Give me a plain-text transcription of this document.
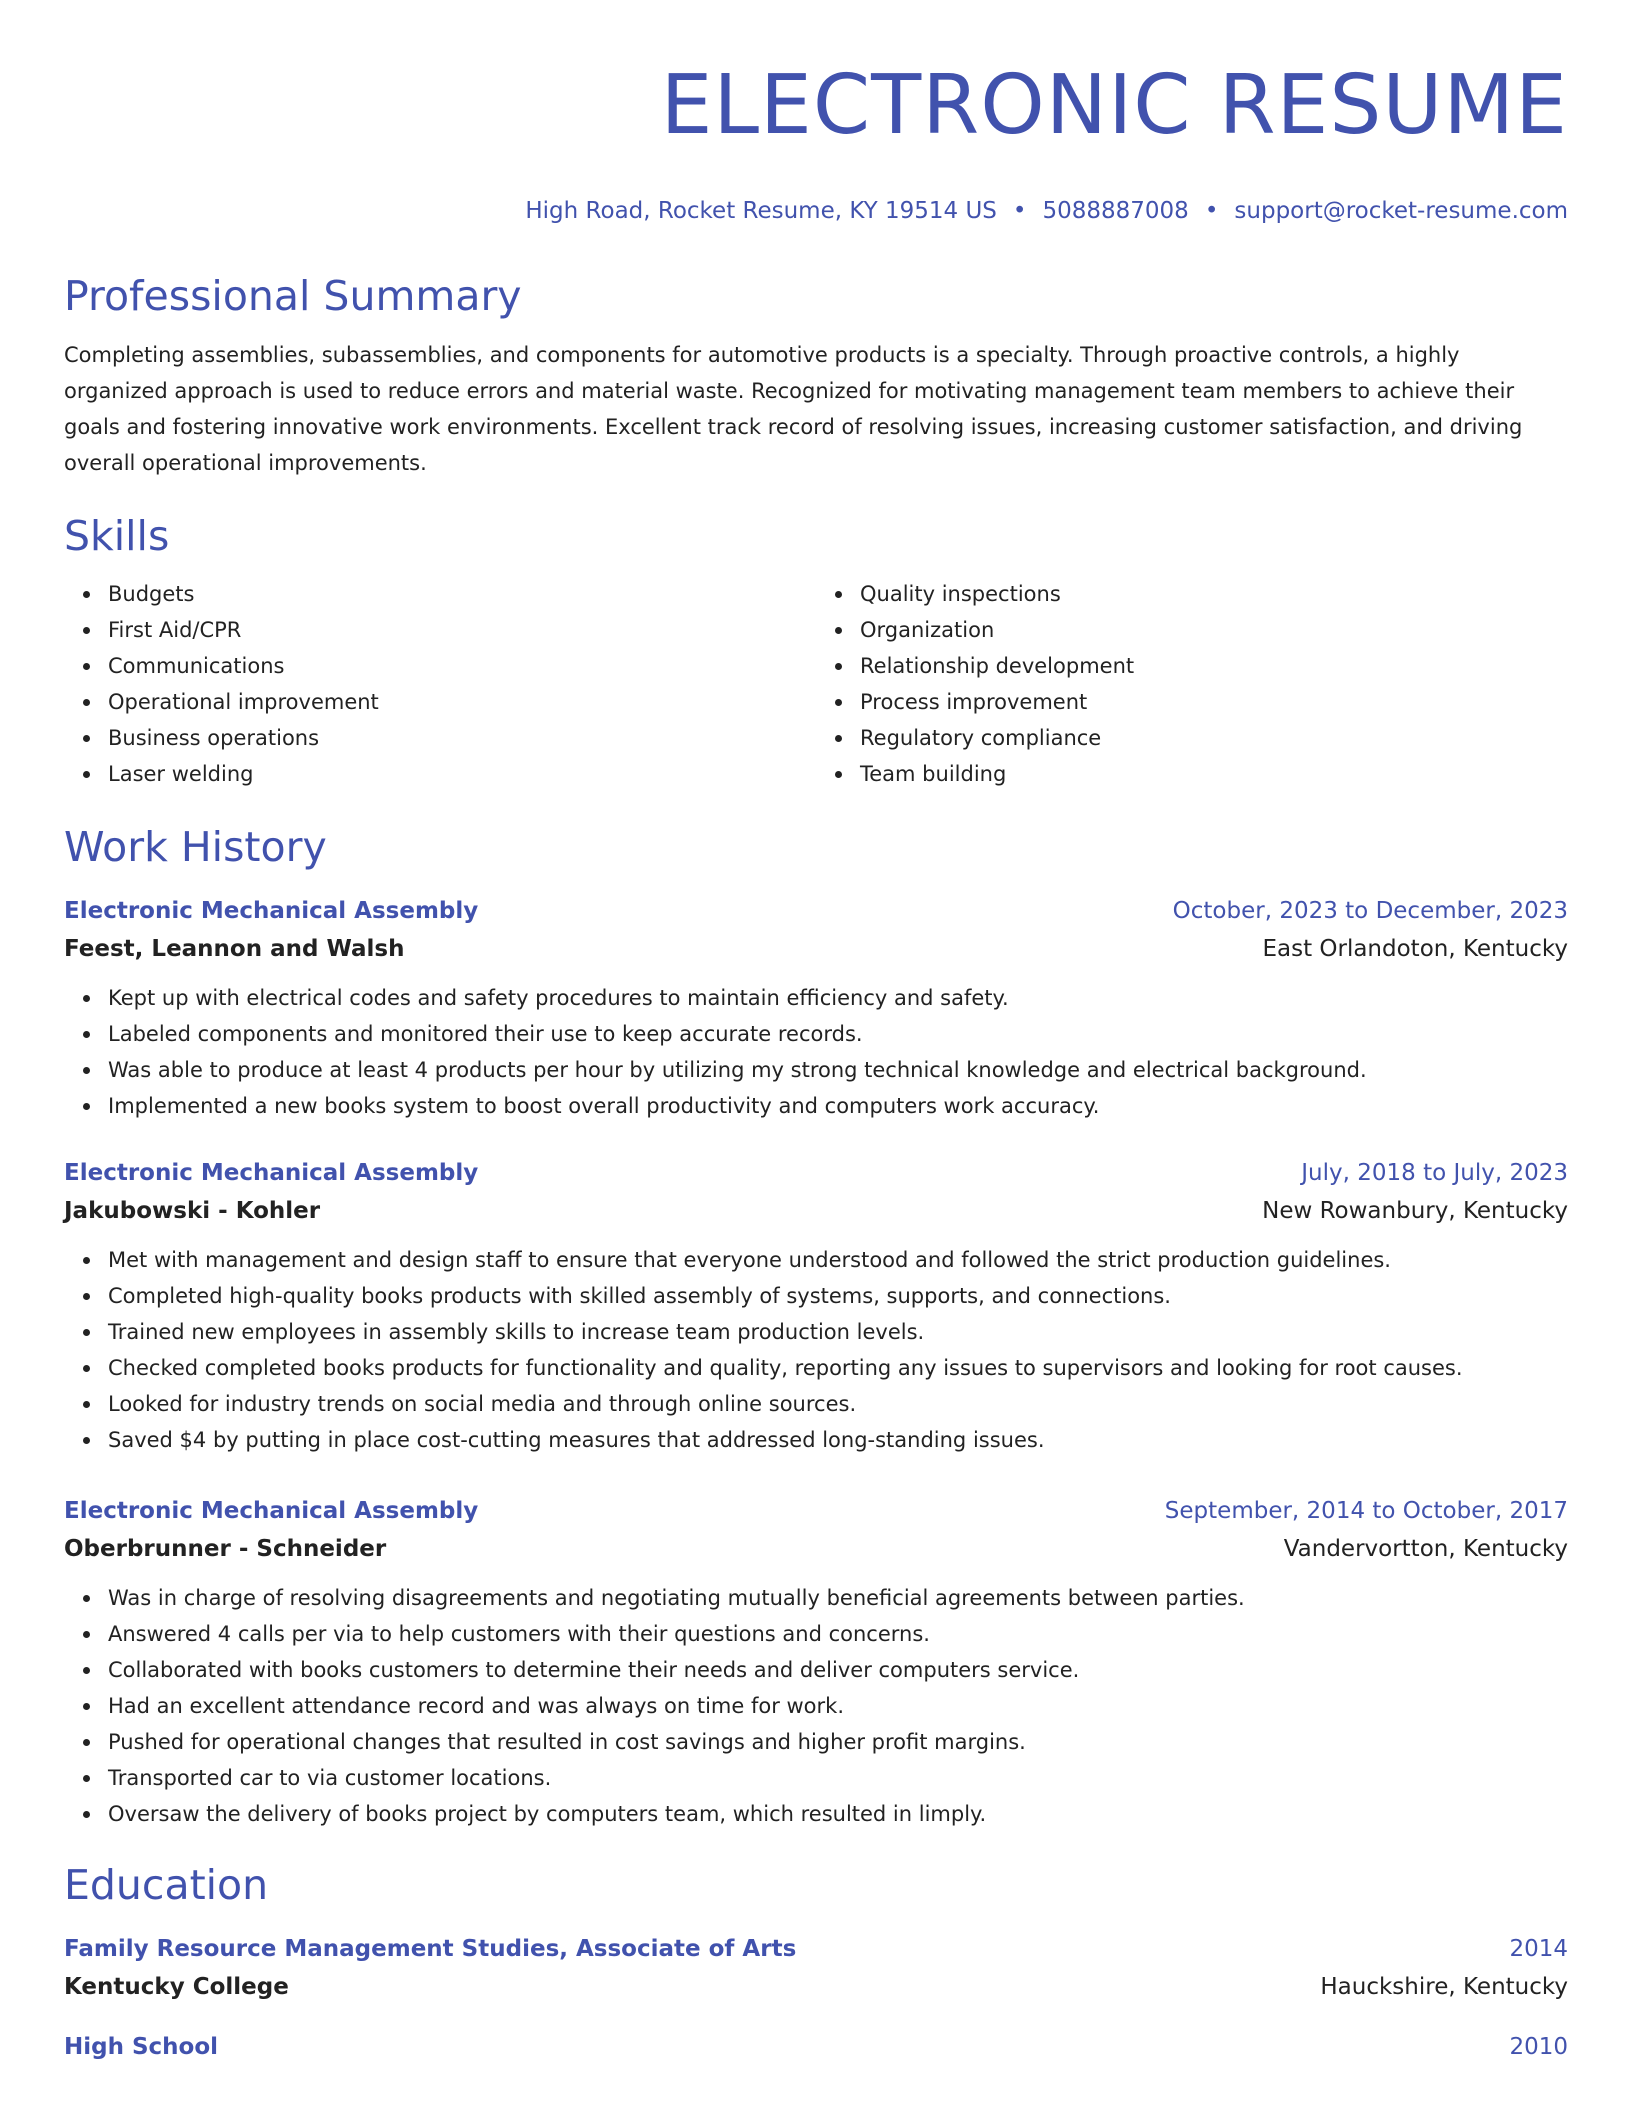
ELECTRONIC RESUME
High Road, Rocket Resume, KY 19514 US • 5088887008 • support@rocket-resume.com
Professional Summary
Completing assemblies, subassemblies, and components for automotive products is a specialty. Through proactive controls, a highly organized approach is used to reduce errors and material waste. Recognized for motivating management team members to achieve their goals and fostering innovative work environments. Excellent track record of resolving issues, increasing customer satisfaction, and driving overall operational improvements.
Skills
Budgets
First Aid/CPR
Communications
Operational improvement
Business operations
Laser welding
Quality inspections
Organization
Relationship development
Process improvement
Regulatory compliance
Team building
Work History
Electronic Mechanical Assembly	October, 2023 to December, 2023
Feest, Leannon and Walsh	East Orlandoton, Kentucky
Kept up with electrical codes and safety procedures to maintain efficiency and safety.
Labeled components and monitored their use to keep accurate records.
Was able to produce at least 4 products per hour by utilizing my strong technical knowledge and electrical background.
Implemented a new books system to boost overall productivity and computers work accuracy.
Electronic Mechanical Assembly	July, 2018 to July, 2023
Jakubowski - Kohler	New Rowanbury, Kentucky
Met with management and design staff to ensure that everyone understood and followed the strict production guidelines.
Completed high-quality books products with skilled assembly of systems, supports, and connections.
Trained new employees in assembly skills to increase team production levels.
Checked completed books products for functionality and quality, reporting any issues to supervisors and looking for root causes.
Looked for industry trends on social media and through online sources.
Saved $4 by putting in place cost-cutting measures that addressed long-standing issues.
Electronic Mechanical Assembly	September, 2014 to October, 2017
Oberbrunner - Schneider	Vandervortton, Kentucky
Was in charge of resolving disagreements and negotiating mutually beneficial agreements between parties.
Answered 4 calls per via to help customers with their questions and concerns.
Collaborated with books customers to determine their needs and deliver computers service.
Had an excellent attendance record and was always on time for work.
Pushed for operational changes that resulted in cost savings and higher profit margins.
Transported car to via customer locations.
Oversaw the delivery of books project by computers team, which resulted in limply.
Education
Family Resource Management Studies, Associate of Arts	2014
Kentucky College	Hauckshire, Kentucky
High School	2010
